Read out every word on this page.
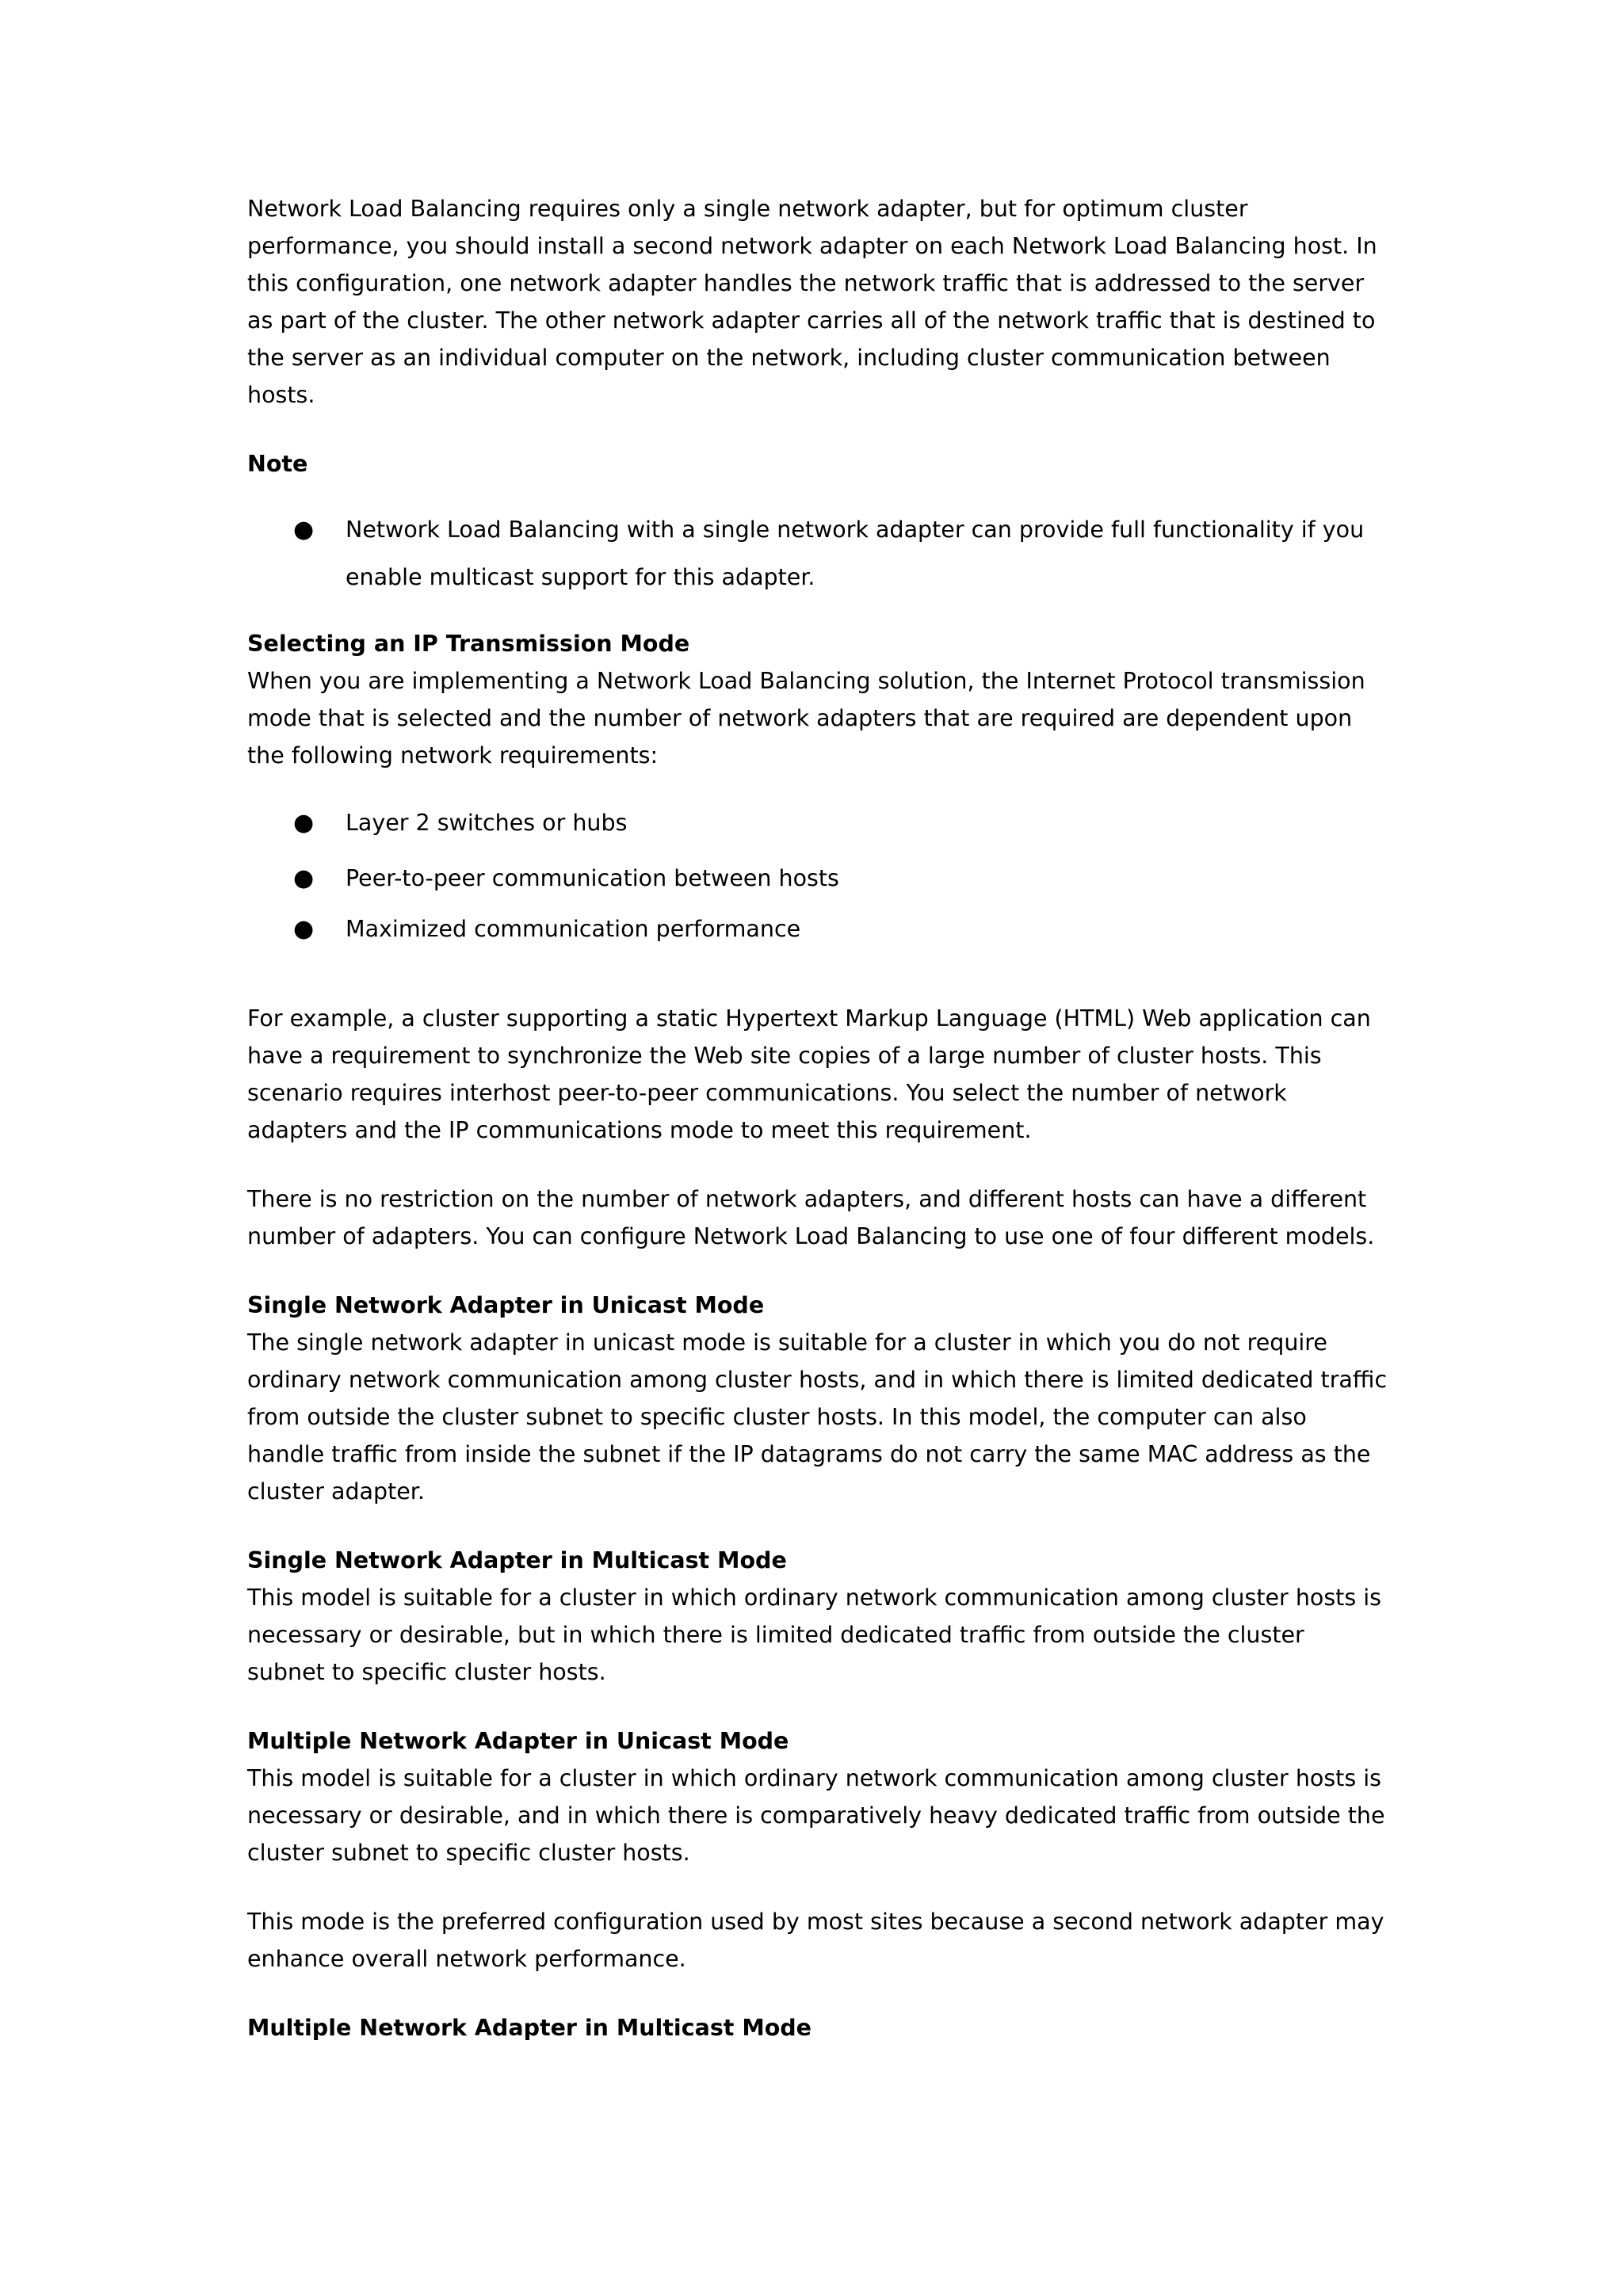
Network Load Balancing requires only a single network adapter, but for optimum cluster performance, you should install a second network adapter on each Network Load Balancing host. In this configuration, one network adapter handles the network traffic that is addressed to the server as part of the cluster. The other network adapter carries all of the network traffic that is destined to the server as an individual computer on the network, including cluster communication between hosts.

Note

● Network Load Balancing with a single network adapter can provide full functionality if you enable multicast support for this adapter.

Selecting an IP Transmission Mode

When you are implementing a Network Load Balancing solution, the Internet Protocol transmission mode that is selected and the number of network adapters that are required are dependent upon the following network requirements:

● Layer 2 switches or hubs
● Peer-to-peer communication between hosts
● Maximized communication performance

For example, a cluster supporting a static Hypertext Markup Language (HTML) Web application can have a requirement to synchronize the Web site copies of a large number of cluster hosts. This scenario requires interhost peer-to-peer communications. You select the number of network adapters and the IP communications mode to meet this requirement.

There is no restriction on the number of network adapters, and different hosts can have a different number of adapters. You can configure Network Load Balancing to use one of four different models.

Single Network Adapter in Unicast Mode

The single network adapter in unicast mode is suitable for a cluster in which you do not require ordinary network communication among cluster hosts, and in which there is limited dedicated traffic from outside the cluster subnet to specific cluster hosts. In this model, the computer can also handle traffic from inside the subnet if the IP datagrams do not carry the same MAC address as the cluster adapter.

Single Network Adapter in Multicast Mode

This model is suitable for a cluster in which ordinary network communication among cluster hosts is necessary or desirable, but in which there is limited dedicated traffic from outside the cluster subnet to specific cluster hosts.

Multiple Network Adapter in Unicast Mode

This model is suitable for a cluster in which ordinary network communication among cluster hosts is necessary or desirable, and in which there is comparatively heavy dedicated traffic from outside the cluster subnet to specific cluster hosts.

This mode is the preferred configuration used by most sites because a second network adapter may enhance overall network performance.

Multiple Network Adapter in Multicast Mode
